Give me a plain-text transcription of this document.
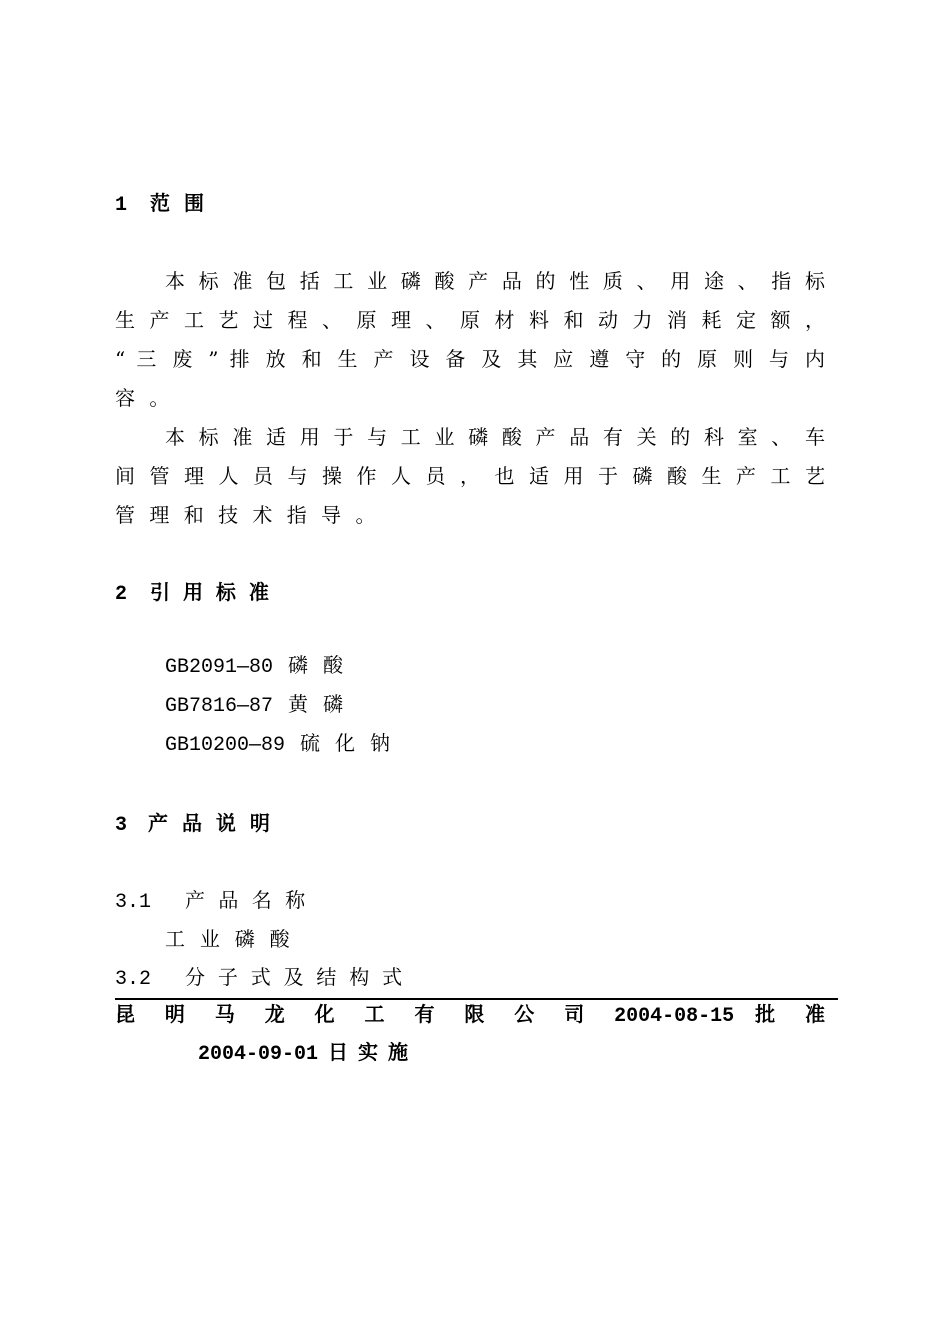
1 范 围
本 标 准 包 括 工 业 磷 酸 产 品 的 性 质 、 用 途 、 指 标
生 产 工 艺 过 程 、 原 理 、 原 材 料 和 动 力 消 耗 定 额 ，
“ 三 废 ” 排 放 和 生 产 设 备 及 其 应 遵 守 的 原 则 与 内
容 。
本 标 准 适 用 于 与 工 业 磷 酸 产 品 有 关 的 科 室 、 车
间 管 理 人 员 与 操 作 人 员 ， 也 适 用 于 磷 酸 生 产 工 艺
管 理 和 技 术 指 导 。
2 引 用 标 准
GB2091—80 磷 酸
GB7816—87 黄 磷
GB10200—89 硫 化 钠
3 产 品 说 明
3.1 产 品 名 称
工 业 磷 酸
3.2 分 子 式 及 结 构 式
昆 明 马 龙 化 工 有 限 公 司 2004-08-15 批 准
2004-09-01 日 实 施
